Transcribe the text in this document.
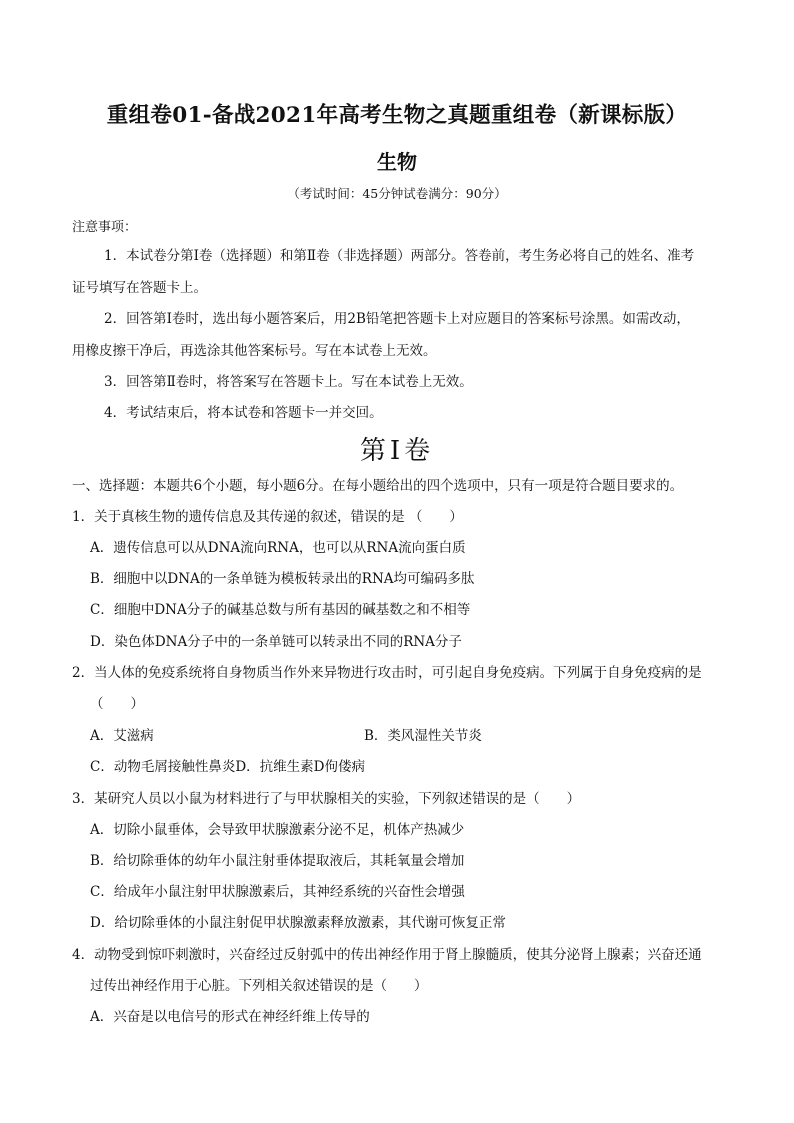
重组卷01-备战2021年高考生物之真题重组卷（新课标版）
生物
（考试时间：45分钟试卷满分：90分）
注意事项：
1．本试卷分第Ⅰ卷（选择题）和第Ⅱ卷（非选择题）两部分。答卷前，考生务必将自己的姓名、准考
证号填写在答题卡上。
2．回答第Ⅰ卷时，选出每小题答案后，用2B铅笔把答题卡上对应题目的答案标号涂黑。如需改动，
用橡皮擦干净后，再选涂其他答案标号。写在本试卷上无效。
3．回答第Ⅱ卷时，将答案写在答题卡上。写在本试卷上无效。
4．考试结束后，将本试卷和答题卡一并交回。
第Ⅰ卷
一、选择题：本题共6个小题，每小题6分。在每小题给出的四个选项中，只有一项是符合题目要求的。
1．关于真核生物的遗传信息及其传递的叙述，错误的是 （　　）
A．遗传信息可以从DNA流向RNA，也可以从RNA流向蛋白质
B．细胞中以DNA的一条单链为模板转录出的RNA均可编码多肽
C．细胞中DNA分子的碱基总数与所有基因的碱基数之和不相等
D．染色体DNA分子中的一条单链可以转录出不同的RNA分子
2．当人体的免疫系统将自身物质当作外来异物进行攻击时，可引起自身免疫病。下列属于自身免疫病的是
（　　）
A．艾滋病	B．类风湿性关节炎
C．动物毛屑接触性鼻炎D．抗维生素D佝偻病
3．某研究人员以小鼠为材料进行了与甲状腺相关的实验，下列叙述错误的是（　　）
A．切除小鼠垂体，会导致甲状腺激素分泌不足，机体产热减少
B．给切除垂体的幼年小鼠注射垂体提取液后，其耗氧量会增加
C．给成年小鼠注射甲状腺激素后，其神经系统的兴奋性会增强
D．给切除垂体的小鼠注射促甲状腺激素释放激素，其代谢可恢复正常
4．动物受到惊吓刺激时，兴奋经过反射弧中的传出神经作用于肾上腺髓质，使其分泌肾上腺素；兴奋还通
过传出神经作用于心脏。下列相关叙述错误的是（　　）
A．兴奋是以电信号的形式在神经纤维上传导的
